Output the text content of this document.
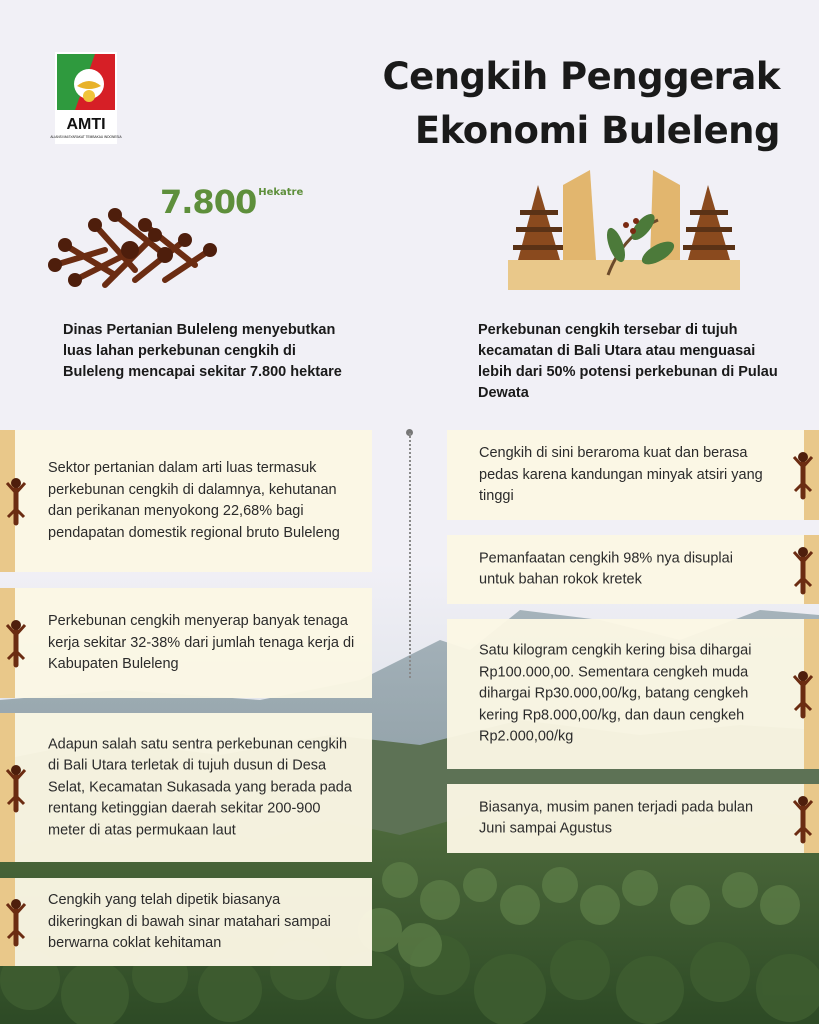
AMTI
ALIANSI MASYARAKAT TEMBAKAU INDONESIA
Cengkih Penggerak
Ekonomi Buleleng
7.800 $^{Hekatre}$

Dinas Pertanian Buleleng menyebutkan luas lahan perkebunan cengkih di Buleleng mencapai sekitar 7.800 hektare

Perkebunan cengkih tersebar di tujuh kecamatan di Bali Utara atau menguasai lebih dari 50% potensi perkebunan di Pulau Dewata

Sektor pertanian dalam arti luas termasuk perkebunan cengkih di dalamnya, kehutanan dan perikanan menyokong 22,68% bagi pendapatan domestik regional bruto Buleleng
Perkebunan cengkih menyerap banyak tenaga kerja sekitar 32-38% dari jumlah tenaga kerja di Kabupaten Buleleng
Adapun salah satu sentra perkebunan cengkih di Bali Utara terletak di tujuh dusun di Desa Selat, Kecamatan Sukasada yang berada pada rentang ketinggian daerah sekitar 200-900 meter di atas permukaan laut
Cengkih yang telah dipetik biasanya dikeringkan di bawah sinar matahari sampai berwarna coklat kehitaman
Cengkih di sini beraroma kuat dan berasa pedas karena kandungan minyak atsiri yang tinggi
Pemanfaatan cengkih 98% nya disuplai untuk bahan rokok kretek
Satu kilogram cengkih kering bisa dihargai Rp100.000,00. Sementara cengkeh muda dihargai Rp30.000,00/kg, batang cengkeh kering Rp8.000,00/kg, dan daun cengkeh Rp2.000,00/kg
Biasanya, musim panen terjadi pada bulan Juni sampai Agustus
